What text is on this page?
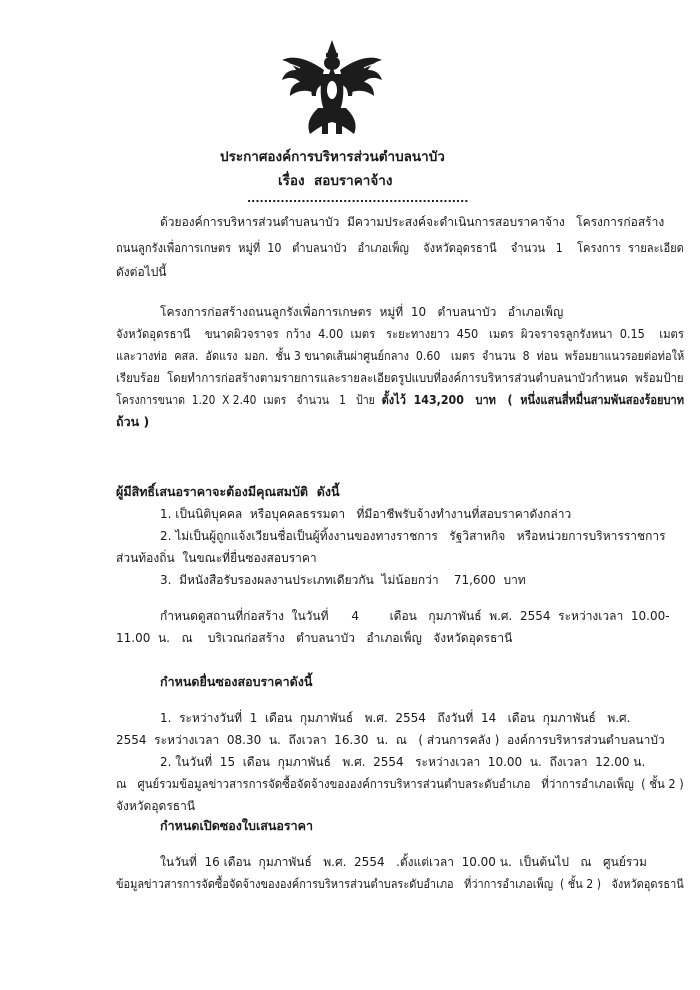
ประกาศองค์การบริหารส่วนตำบลนาบัว
เรื่อง  สอบราคาจ้าง
.....................................................
ด้วยองค์การบริหารส่วนตำบลนาบัว  มีความประสงค์จะดำเนินการสอบราคาจ้าง   โครงการก่อสร้าง
ถนนลูกรังเพื่อการเกษตร  หมู่ที่  10   ตำบลนาบัว   อำเภอเพ็ญ    จังหวัดอุดรธานี    จำนวน   1    โครงการ  รายละเอียด
ดังต่อไปนี้
โครงการก่อสร้างถนนลูกรังเพื่อการเกษตร  หมู่ที่  10   ตำบลนาบัว   อำเภอเพ็ญ
จังหวัดอุดรธานี    ขนาดผิวจราจร  กว้าง  4.00  เมตร   ระยะทางยาว  450   เมตร  ผิวจราจรลูกรังหนา  0.15    เมตร
และวางท่อ  คสล.  อัดแรง  มอก.  ชั้น 3 ขนาดเส้นผ่าศูนย์กลาง  0.60   เมตร  จำนวน  8  ท่อน  พร้อมยาแนวรอยต่อท่อให้
เรียบร้อย  โดยทำการก่อสร้างตามรายการและรายละเอียดรูปแบบที่องค์การบริหารส่วนตำบลนาบัวกำหนด  พร้อมป้าย
โครงการขนาด  1.20  X 2.40  เมตร   จำนวน   1   ป้าย  ตั้งไว้  143,200   บาท   (  หนึ่งแสนสี่หมื่นสามพันสองร้อยบาท
ถ้วน )
ผู้มีสิทธิ์เสนอราคาจะต้องมีคุณสมบัติ  ดังนี้
1. เป็นนิติบุคคล  หรือบุคคลธรรมดา   ที่มีอาชีพรับจ้างทำงานที่สอบราคาดังกล่าว
2. ไม่เป็นผู้ถูกแจ้งเวียนชื่อเป็นผู้ทิ้งงานของทางราชการ   รัฐวิสาหกิจ   หรือหน่วยการบริหารราชการ
ส่วนท้องถิ่น  ในขณะที่ยื่นซองสอบราคา
3.  มีหนังสือรับรองผลงานประเภทเดียวกัน  ไม่น้อยกว่า    71,600  บาท
กำหนดดูสถานที่ก่อสร้าง  ในวันที่      4        เดือน   กุมภาพันธ์  พ.ศ.  2554  ระหว่างเวลา  10.00-
11.00  น.   ณ    บริเวณก่อสร้าง   ตำบลนาบัว   อำเภอเพ็ญ   จังหวัดอุดรธานี
กำหนดยื่นซองสอบราคาดังนี้
1.  ระหว่างวันที่  1  เดือน  กุมภาพันธ์   พ.ศ.  2554   ถึงวันที่  14   เดือน  กุมภาพันธ์   พ.ศ.
2554  ระหว่างเวลา  08.30  น.  ถึงเวลา  16.30  น.  ณ   ( ส่วนการคลัง )  องค์การบริหารส่วนตำบลนาบัว
2. ในวันที่  15  เดือน  กุมภาพันธ์   พ.ศ.  2554   ระหว่างเวลา  10.00  น.  ถึงเวลา  12.00 น.
ณ   ศูนย์รวมข้อมูลข่าวสารการจัดซื้อจัดจ้างขององค์การบริหารส่วนตำบลระดับอำเภอ   ที่ว่าการอำเภอเพ็ญ  ( ชั้น 2 )
จังหวัดอุดรธานี
กำหนดเปิดซองใบเสนอราคา
ในวันที่  16 เดือน  กุมภาพันธ์   พ.ศ.  2554   .ตั้งแต่เวลา  10.00 น.  เป็นต้นไป   ณ   ศูนย์รวม
ข้อมูลข่าวสารการจัดซื้อจัดจ้างขององค์การบริหารส่วนตำบลระดับอำเภอ   ที่ว่าการอำเภอเพ็ญ  ( ชั้น 2 )   จังหวัดอุดรธานี
